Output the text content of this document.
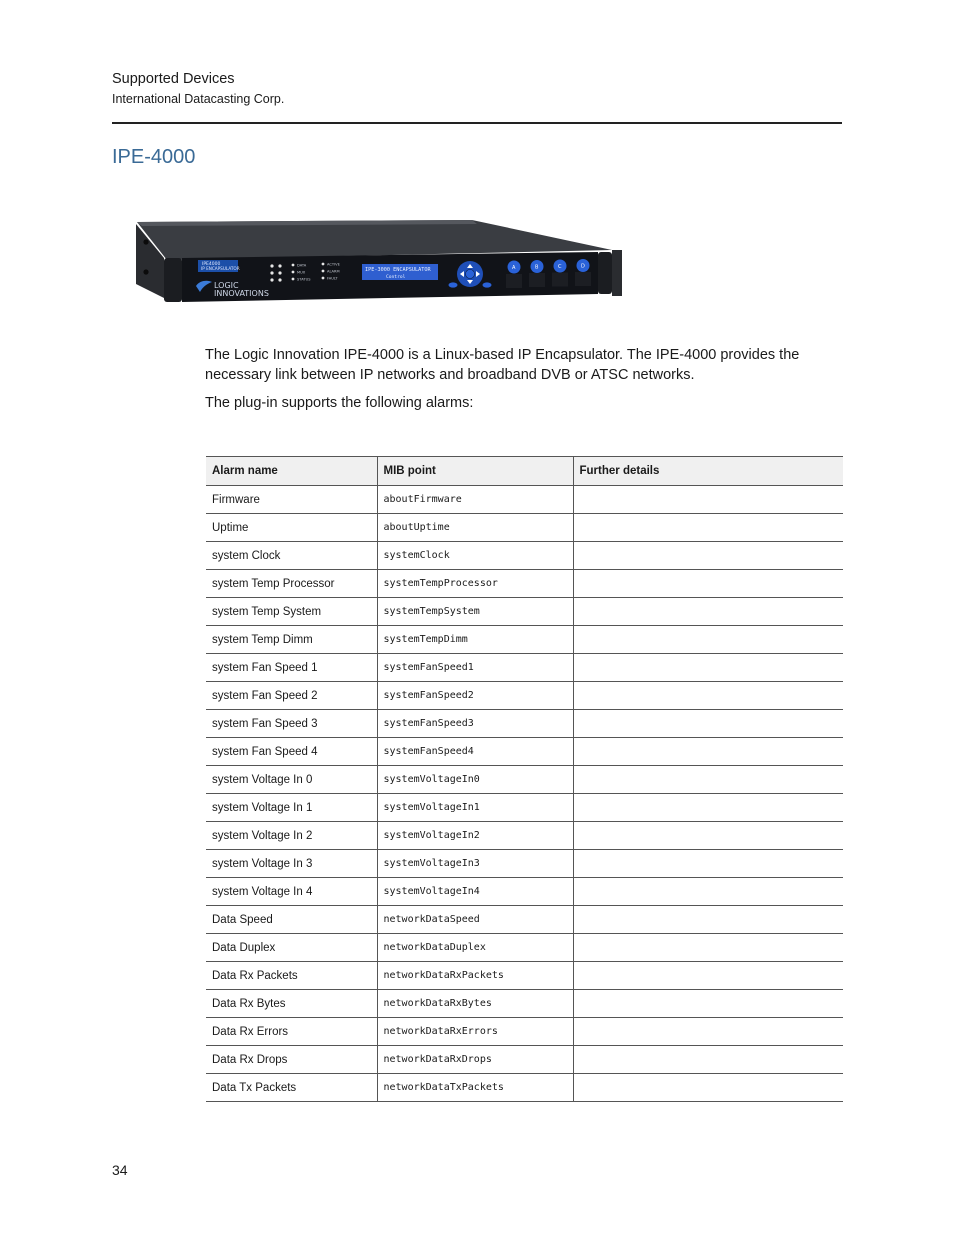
Supported Devices
International Datacasting Corp.
IPE-4000
IPE4000
IP ENCAPSULATOR
LOGIC
INNOVATIONS
DATA
MUX
STATUS
ACTIVE
ALARM
FAULT
IPE-3000 ENCAPSULATOR
Control
A	B	C	D
The Logic Innovation IPE-4000 is a Linux-based IP Encapsulator. The IPE-4000 provides the necessary link between IP networks and broadband DVB or ATSC networks.
The plug-in supports the following alarms:
Alarm name	MIB point	Further details
Firmware	aboutFirmware	
Uptime	aboutUptime	
system Clock	systemClock	
system Temp Processor	systemTempProcessor	
system Temp System	systemTempSystem	
system Temp Dimm	systemTempDimm	
system Fan Speed 1	systemFanSpeed1	
system Fan Speed 2	systemFanSpeed2	
system Fan Speed 3	systemFanSpeed3	
system Fan Speed 4	systemFanSpeed4	
system Voltage In 0	systemVoltageIn0	
system Voltage In 1	systemVoltageIn1	
system Voltage In 2	systemVoltageIn2	
system Voltage In 3	systemVoltageIn3	
system Voltage In 4	systemVoltageIn4	
Data Speed	networkDataSpeed	
Data Duplex	networkDataDuplex	
Data Rx Packets	networkDataRxPackets	
Data Rx Bytes	networkDataRxBytes	
Data Rx Errors	networkDataRxErrors	
Data Rx Drops	networkDataRxDrops	
Data Tx Packets	networkDataTxPackets	
34
